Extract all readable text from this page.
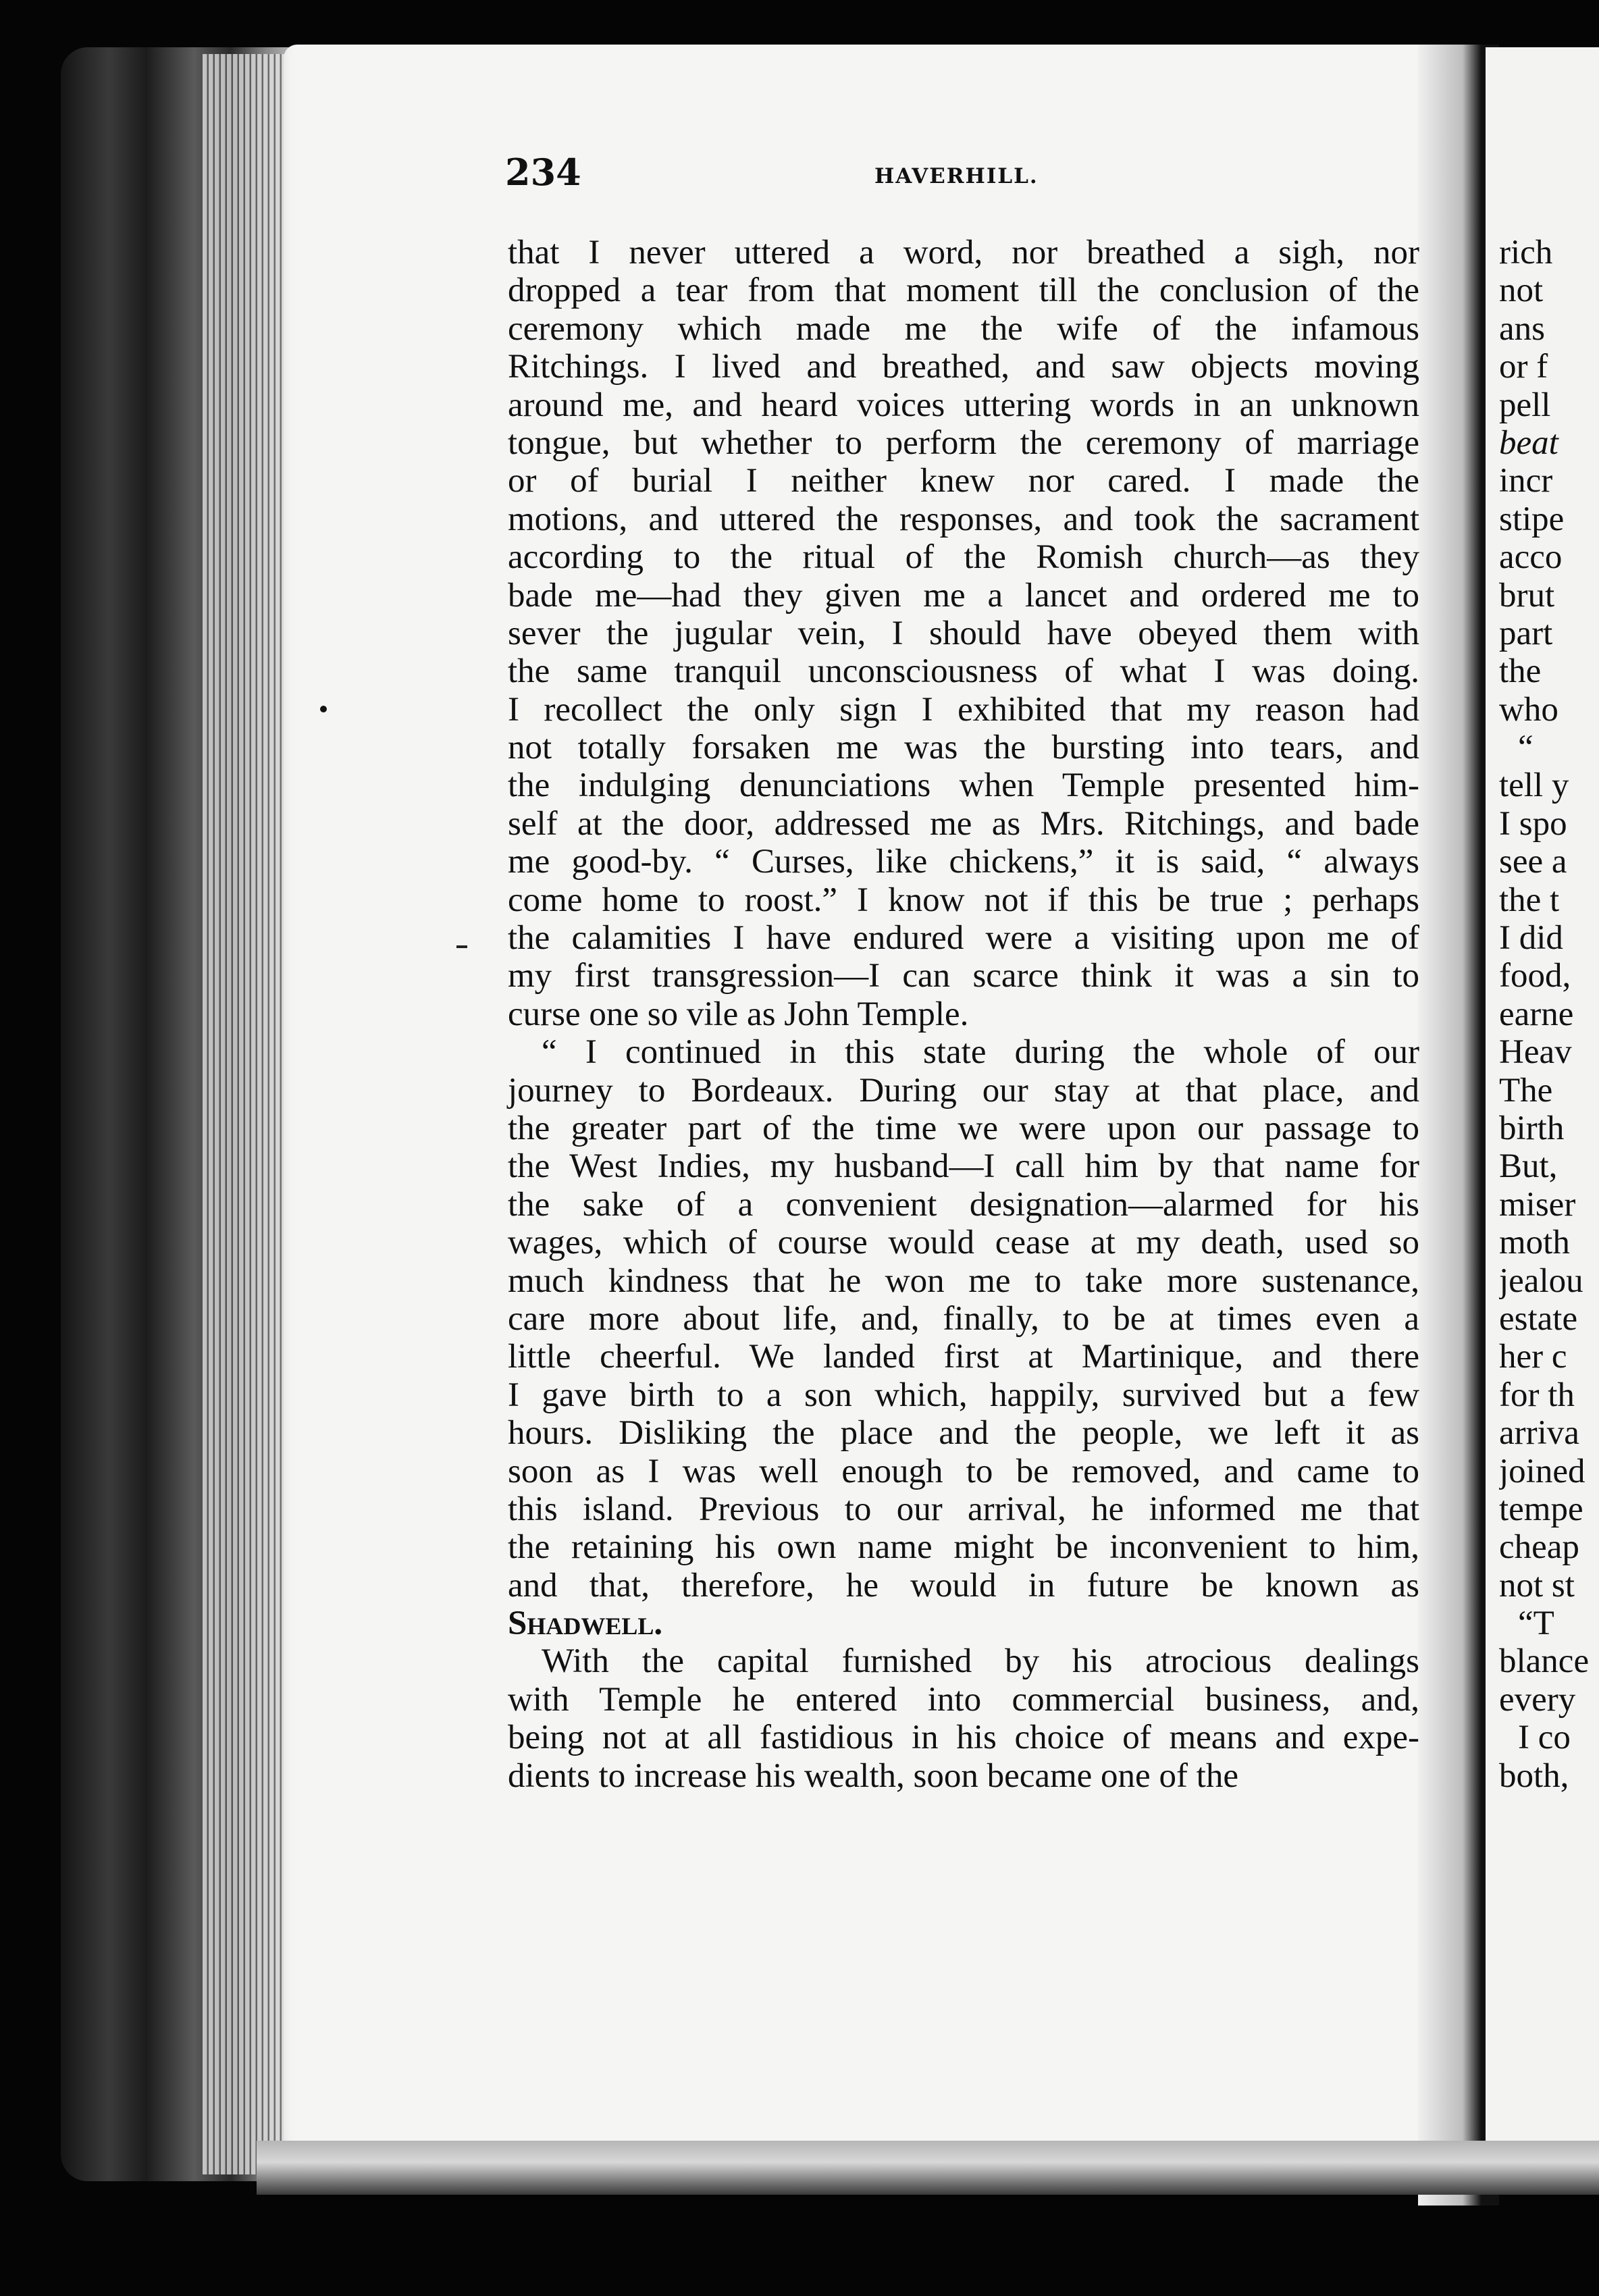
234	HAVERHILL.
that I never uttered a word, nor breathed a sigh, nor
dropped a tear from that moment till the conclusion of the
ceremony which made me the wife of the infamous
Ritchings. I lived and breathed, and saw objects moving
around me, and heard voices uttering words in an unknown
tongue, but whether to perform the ceremony of marriage
or of burial I neither knew nor cared. I made the
motions, and uttered the responses, and took the sacrament
according to the ritual of the Romish church—as they
bade me—had they given me a lancet and ordered me to
sever the jugular vein, I should have obeyed them with
the same tranquil unconsciousness of what I was doing.
I recollect the only sign I exhibited that my reason had
not totally forsaken me was the bursting into tears, and
the indulging denunciations when Temple presented him-
self at the door, addressed me as Mrs. Ritchings, and bade
me good-by. “ Curses, like chickens,” it is said, “ always
come home to roost.” I know not if this be true ; perhaps
the calamities I have endured were a visiting upon me of
my first transgression—I can scarce think it was a sin to
curse one so vile as John Temple.
“ I continued in this state during the whole of our
journey to Bordeaux. During our stay at that place, and
the greater part of the time we were upon our passage to
the West Indies, my husband—I call him by that name for
the sake of a convenient designation—alarmed for his
wages, which of course would cease at my death, used so
much kindness that he won me to take more sustenance,
care more about life, and, finally, to be at times even a
little cheerful. We landed first at Martinique, and there
I gave birth to a son which, happily, survived but a few
hours. Disliking the place and the people, we left it as
soon as I was well enough to be removed, and came to
this island. Previous to our arrival, he informed me that
the retaining his own name might be inconvenient to him,
and that, therefore, he would in future be known as
Shadwell.
With the capital furnished by his atrocious dealings
with Temple he entered into commercial business, and,
being not at all fastidious in his choice of means and expe-
dients to increase his wealth, soon became one of the
rich
not
ans
or f
pell
beat
incr
stipe
acco
brut
part
the
who
“
tell y
I spo
see a
the t
I did
food,
earne
Heav
The
birth
But,
miser
moth
jealou
estate
her c
for th
arriva
joined
tempe
cheap
not st
“T
blance
every
I co
both,
